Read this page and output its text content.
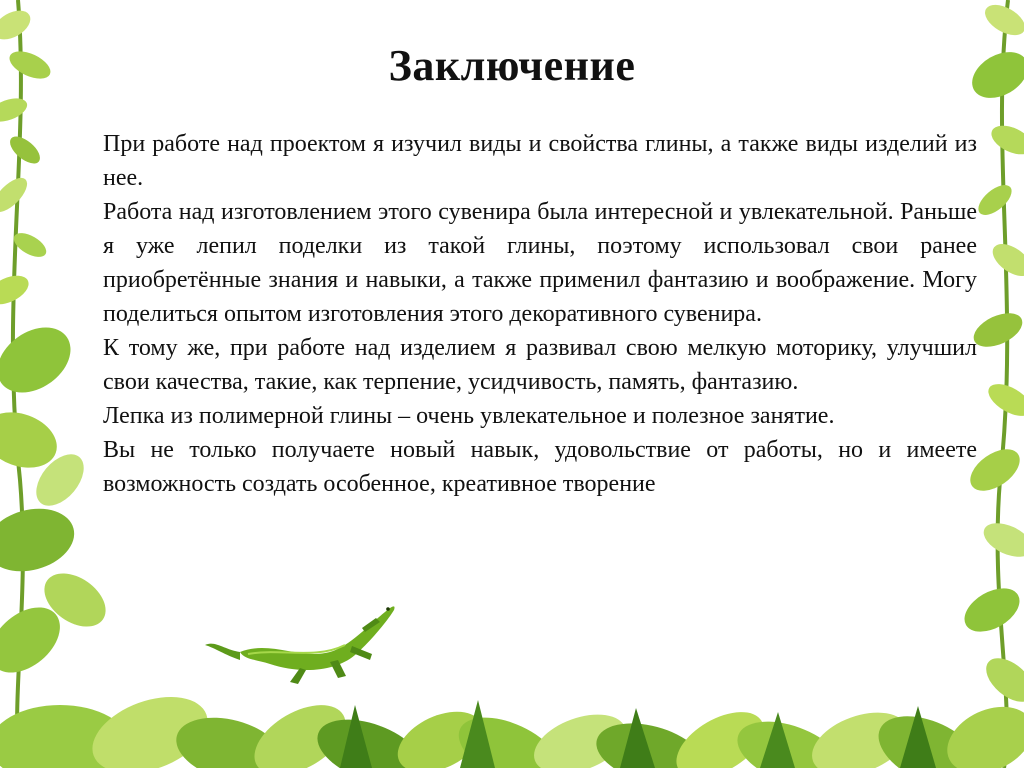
Заключение

При работе над проектом я изучил виды и свойства глины, а также виды изделий из нее.

Работа над изготовлением этого сувенира была интересной и увлекательной. Раньше я уже лепил поделки из такой глины, поэтому использовал свои ранее приобретённые знания и навыки, а также применил фантазию и воображение. Могу поделиться опытом изготовления этого декоративного сувенира.

К тому же, при работе над изделием я развивал свою мелкую моторику, улучшил свои качества, такие, как терпение, усидчивость, память, фантазию.

Лепка из полимерной глины – очень увлекательное и полезное занятие.

Вы не только получаете новый навык, удовольствие от работы, но и имеете возможность создать особенное, креативное творение
